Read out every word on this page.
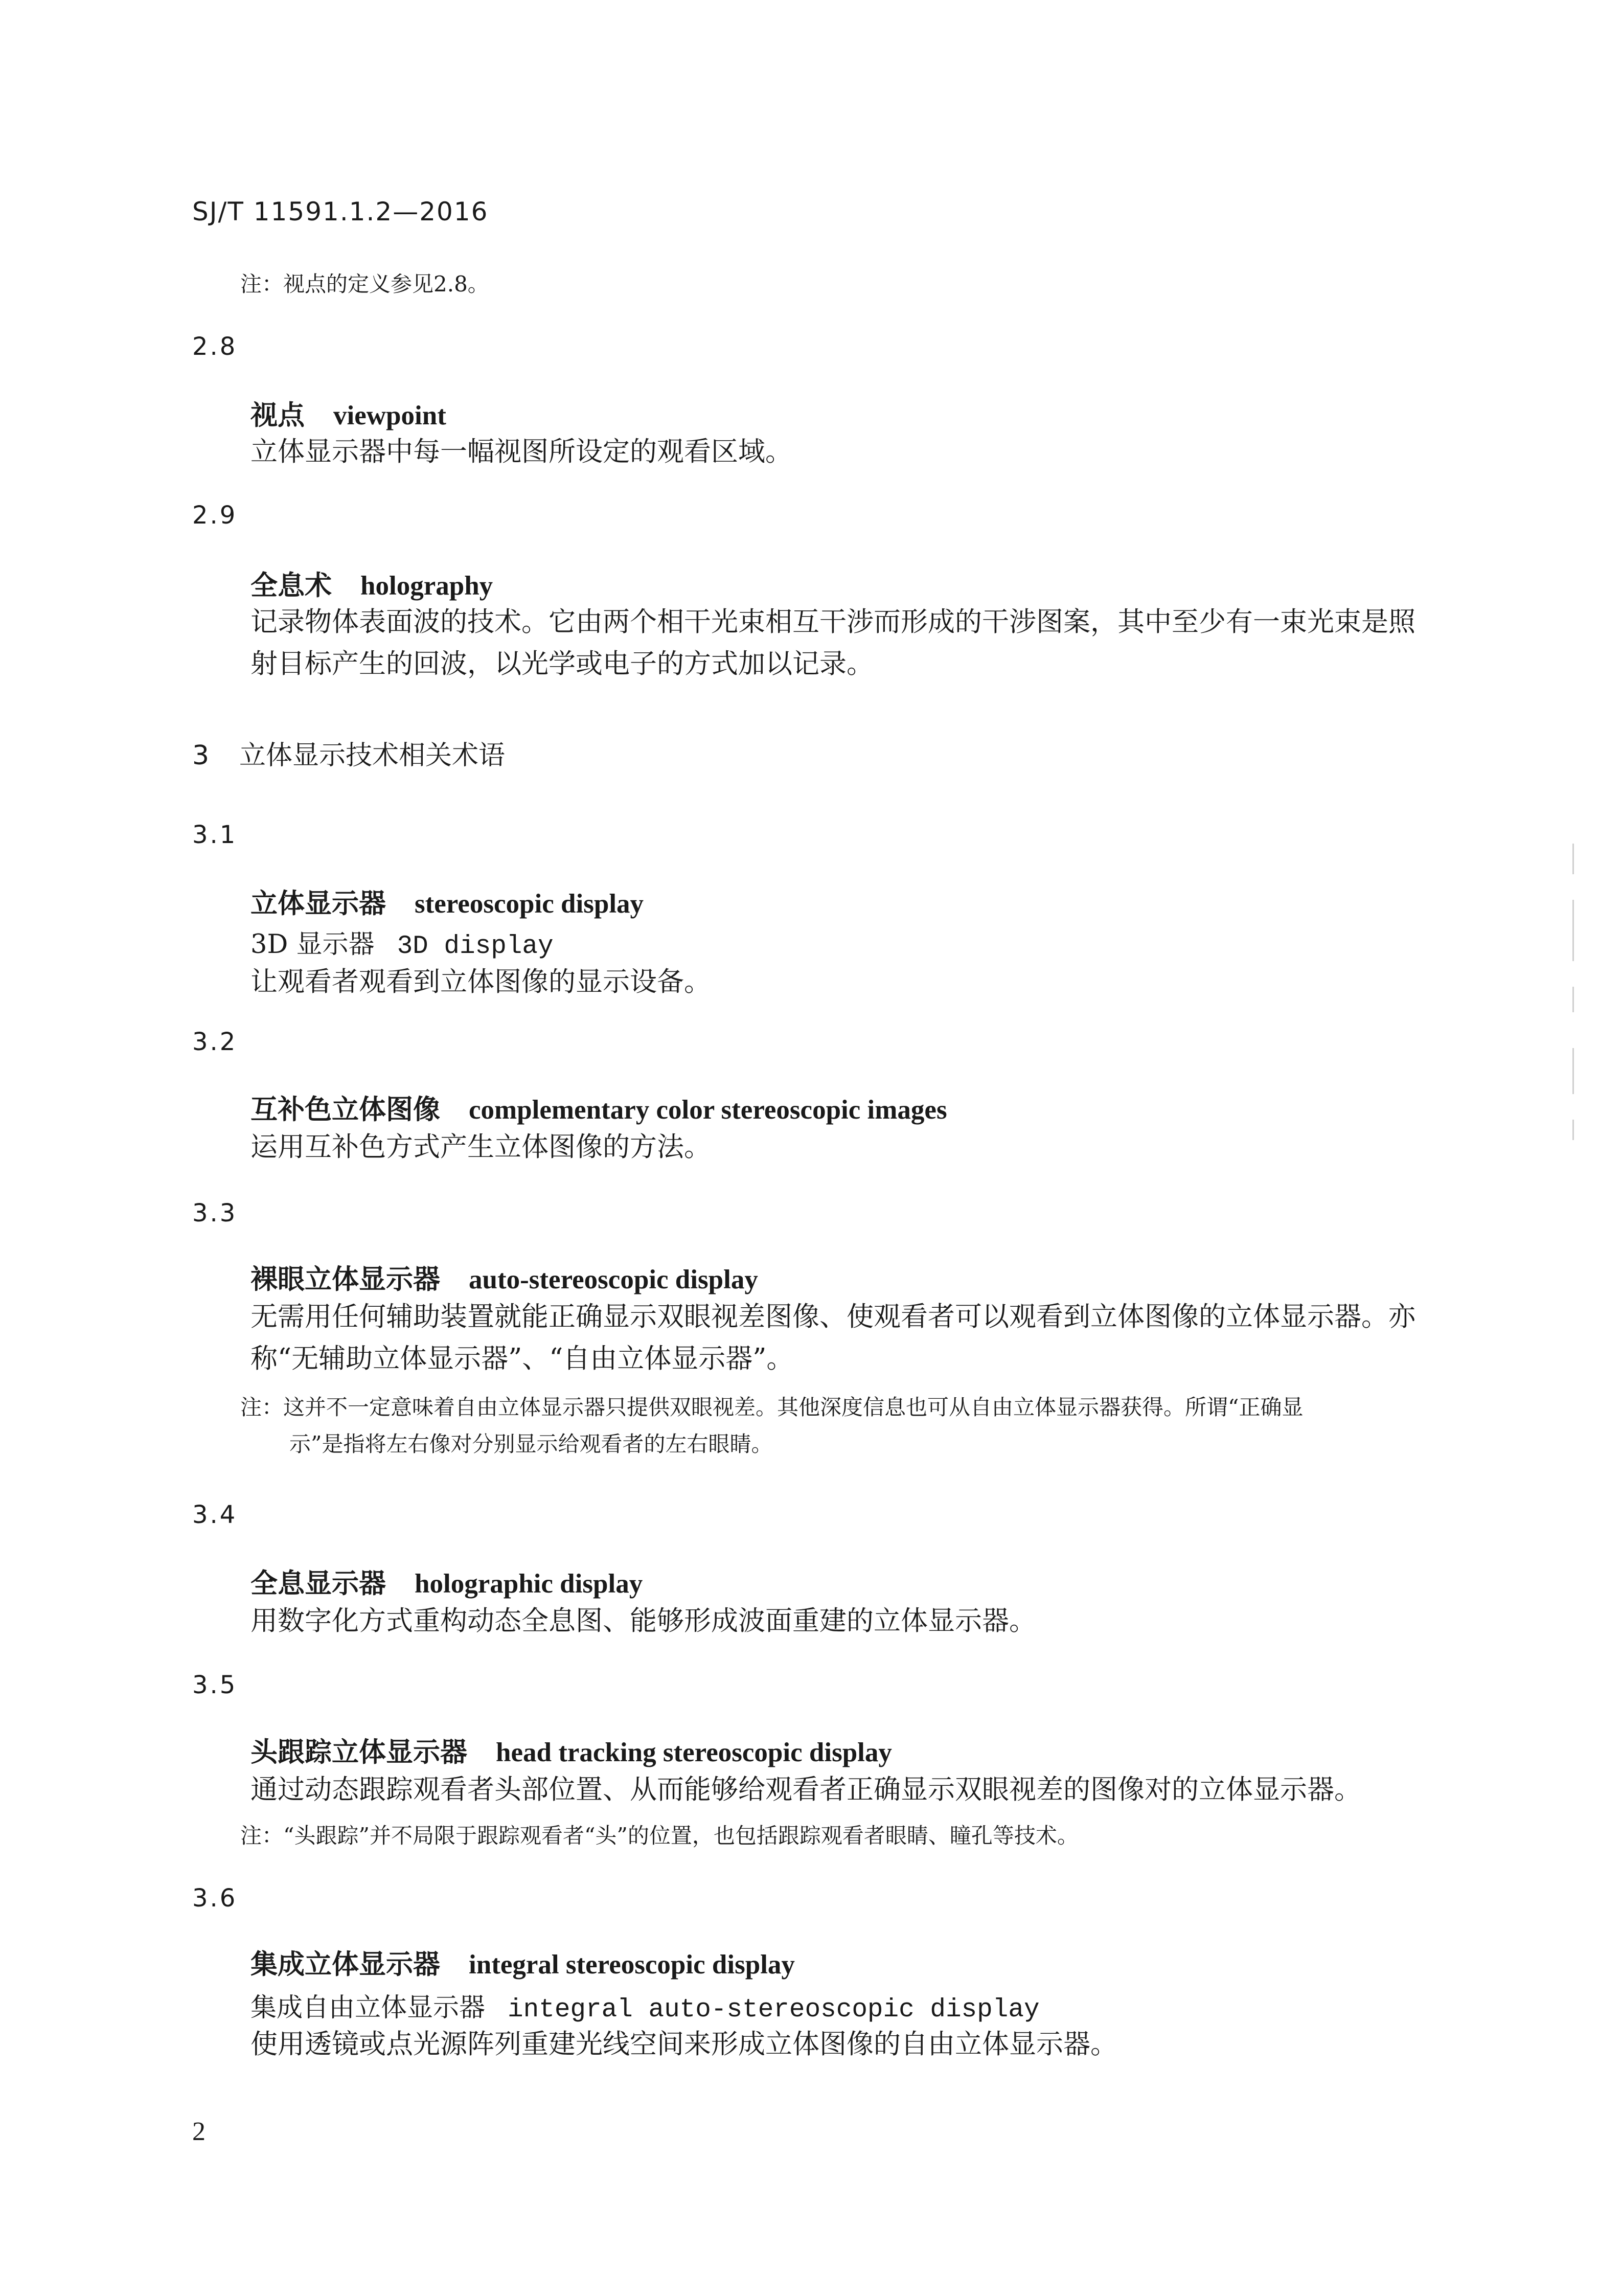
SJ/T 11591.1.2—2016
注：视点的定义参见2.8。
2.8
视点 viewpoint
立体显示器中每一幅视图所设定的观看区域。
2.9
全息术 holography
记录物体表面波的技术。它由两个相干光束相互干涉而形成的干涉图案，其中至少有一束光束是照
射目标产生的回波，以光学或电子的方式加以记录。
3 立体显示技术相关术语
3.1
立体显示器 stereoscopic display
3D 显示器 3D display
让观看者观看到立体图像的显示设备。
3.2
互补色立体图像 complementary color stereoscopic images
运用互补色方式产生立体图像的方法。
3.3
裸眼立体显示器 auto-stereoscopic display
无需用任何辅助装置就能正确显示双眼视差图像、使观看者可以观看到立体图像的立体显示器。亦
称“无辅助立体显示器”、“自由立体显示器”。
注：这并不一定意味着自由立体显示器只提供双眼视差。其他深度信息也可从自由立体显示器获得。所谓“正确显
示”是指将左右像对分别显示给观看者的左右眼睛。
3.4
全息显示器 holographic display
用数字化方式重构动态全息图、能够形成波面重建的立体显示器。
3.5
头跟踪立体显示器 head tracking stereoscopic display
通过动态跟踪观看者头部位置、从而能够给观看者正确显示双眼视差的图像对的立体显示器。
注：“头跟踪”并不局限于跟踪观看者“头”的位置，也包括跟踪观看者眼睛、瞳孔等技术。
3.6
集成立体显示器 integral stereoscopic display
集成自由立体显示器 integral auto-stereoscopic display
使用透镜或点光源阵列重建光线空间来形成立体图像的自由立体显示器。
2
